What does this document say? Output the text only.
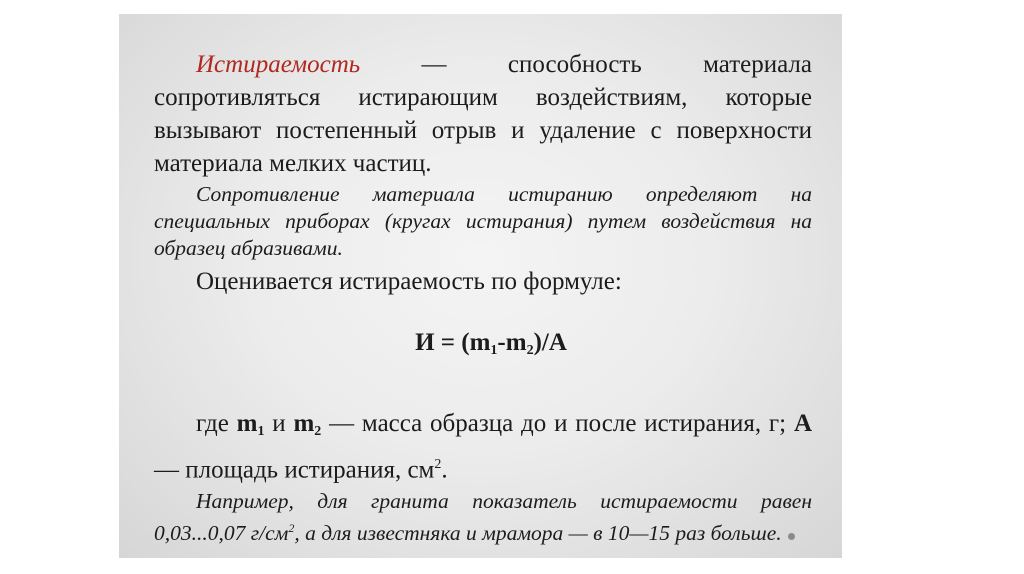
Истираемость — способность материала сопротивляться истирающим воздействиям, которые вызывают постепенный отрыв и удаление с поверхности материала мелких частиц.

Сопротивление материала истиранию определяют на специальных приборах (кругах истирания) путем воздействия на образец абразивами.

Оценивается истираемость по формуле:

$И = (m_1-m_2)/А$

где $m_1$ и $m_2$ — масса образца до и после истирания, г; А — площадь истирания, $см^2$.

Например, для гранита показатель истираемости равен 0,03...0,07 $г/см^2$, а для известняка и мрамора — в 10—15 раз больше.
